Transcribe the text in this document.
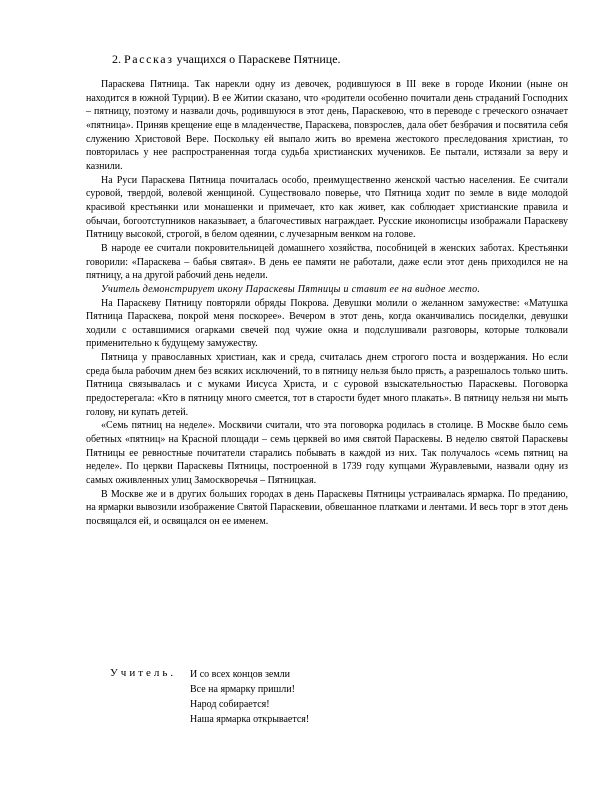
2. Рассказ учащихся о Параскеве Пятнице.

Параскева Пятница. Так нарекли одну из девочек, родившуюся в III веке в городе Иконии (ныне он находится в южной Турции). В ее Житии сказано, что «родители особенно почитали день страданий Господних – пятницу, поэтому и назвали дочь, родившуюся в этот день, Параскевою, что в переводе с греческого означает «пятница». Приняв крещение еще в младенчестве, Параскева, повзрослев, дала обет безбрачия и посвятила себя служению Христовой Вере. Поскольку ей выпало жить во времена жестокого преследования христиан, то повторилась у нее распространенная тогда судьба христианских мучеников. Ее пытали, истязали за веру и казнили.

На Руси Параскева Пятница почиталась особо, преимущественно женской частью населения. Ее считали суровой, твердой, волевой женщиной. Существовало поверье, что Пятница ходит по земле в виде молодой красивой крестьянки или монашенки и примечает, кто как живет, как соблюдает христианские правила и обычаи, богоотступников наказывает, а благочестивых награждает. Русские иконописцы изображали Параскеву Пятницу высокой, строгой, в белом одеянии, с лучезарным венком на голове.

В народе ее считали покровительницей домашнего хозяйства, пособницей в женских заботах. Крестьянки говорили: «Параскева – бабья святая». В день ее памяти не работали, даже если этот день приходился не на пятницу, а на другой рабочий день недели.

Учитель демонстрирует икону Параскевы Пятницы и ставит ее на видное место.

На Параскеву Пятницу повторяли обряды Покрова. Девушки молили о желанном замужестве: «Матушка Пятница Параскева, покрой меня поскорее». Вечером в этот день, когда оканчивались посиделки, девушки ходили с оставшимися огарками свечей под чужие окна и подслушивали разговоры, которые толковали применительно к будущему замужеству.

Пятница у православных христиан, как и среда, считалась днем строгого поста и воздержания. Но если среда была рабочим днем без всяких исключений, то в пятницу нельзя было прясть, а разрешалось только шить. Пятница связывалась и с муками Иисуса Христа, и с суровой взыскательностью Параскевы. Поговорка предостерегала: «Кто в пятницу много смеется, тот в старости будет много плакать». В пятницу нельзя ни мыть голову, ни купать детей.

«Семь пятниц на неделе». Москвичи считали, что эта поговорка родилась в столице. В Москве было семь обетных «пятниц» на Красной площади – семь церквей во имя святой Параскевы. В неделю святой Параскевы Пятницы ее ревностные почитатели старались побывать в каждой из них. Так получалось «семь пятниц на неделе». По церкви Параскевы Пятницы, построенной в 1739 году купцами Журавлевыми, назвали одну из самых оживленных улиц Замоскворечья – Пятницкая.

В Москве же и в других больших городах в день Параскевы Пятницы устраивалась ярмарка. По преданию, на ярмарки вывозили изображение Святой Параскевии, обвешанное платками и лентами. И весь торг в этот день посвящался ей, и освящался он ее именем.

Учитель. И со всех концов земли
Все на ярмарку пришли!
Народ собирается!
Наша ярмарка открывается!
